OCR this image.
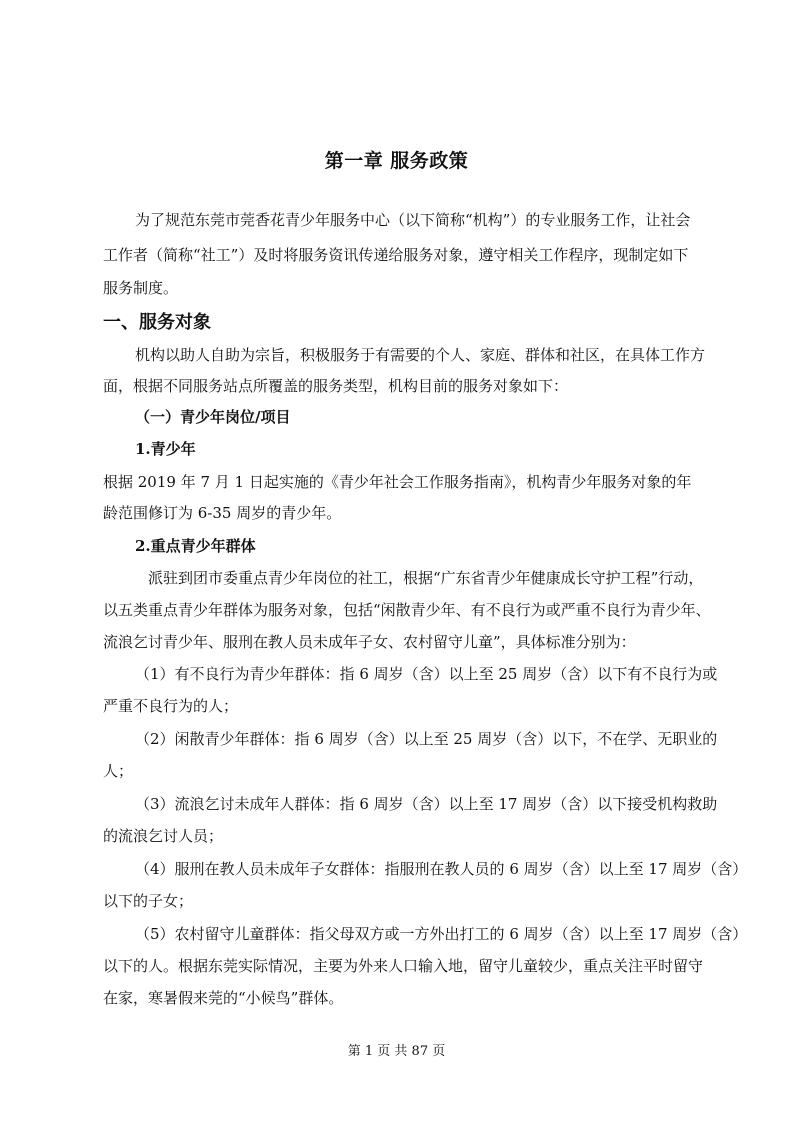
第一章 服务政策
为了规范东莞市莞香花青少年服务中心（以下简称“机构”）的专业服务工作，让社会
工作者（简称“社工”）及时将服务资讯传递给服务对象，遵守相关工作程序，现制定如下
服务制度。
一、服务对象
机构以助人自助为宗旨，积极服务于有需要的个人、家庭、群体和社区，在具体工作方
面，根据不同服务站点所覆盖的服务类型，机构目前的服务对象如下：
（一）青少年岗位/项目
1.青少年
根据 2019 年 7 月 1 日起实施的《青少年社会工作服务指南》，机构青少年服务对象的年
龄范围修订为 6-35 周岁的青少年。
2.重点青少年群体
派驻到团市委重点青少年岗位的社工，根据“广东省青少年健康成长守护工程”行动，
以五类重点青少年群体为服务对象，包括“闲散青少年、有不良行为或严重不良行为青少年、
流浪乞讨青少年、服刑在教人员未成年子女、农村留守儿童”，具体标准分别为：
（1）有不良行为青少年群体：指 6 周岁（含）以上至 25 周岁（含）以下有不良行为或
严重不良行为的人；
（2）闲散青少年群体：指 6 周岁（含）以上至 25 周岁（含）以下，不在学、无职业的
人；
（3）流浪乞讨未成年人群体：指 6 周岁（含）以上至 17 周岁（含）以下接受机构救助
的流浪乞讨人员；
（4）服刑在教人员未成年子女群体：指服刑在教人员的 6 周岁（含）以上至 17 周岁（含）
以下的子女；
（5）农村留守儿童群体：指父母双方或一方外出打工的 6 周岁（含）以上至 17 周岁（含）
以下的人。根据东莞实际情况，主要为外来人口输入地，留守儿童较少，重点关注平时留守
在家，寒暑假来莞的“小候鸟”群体。
第 1 页 共 87 页
